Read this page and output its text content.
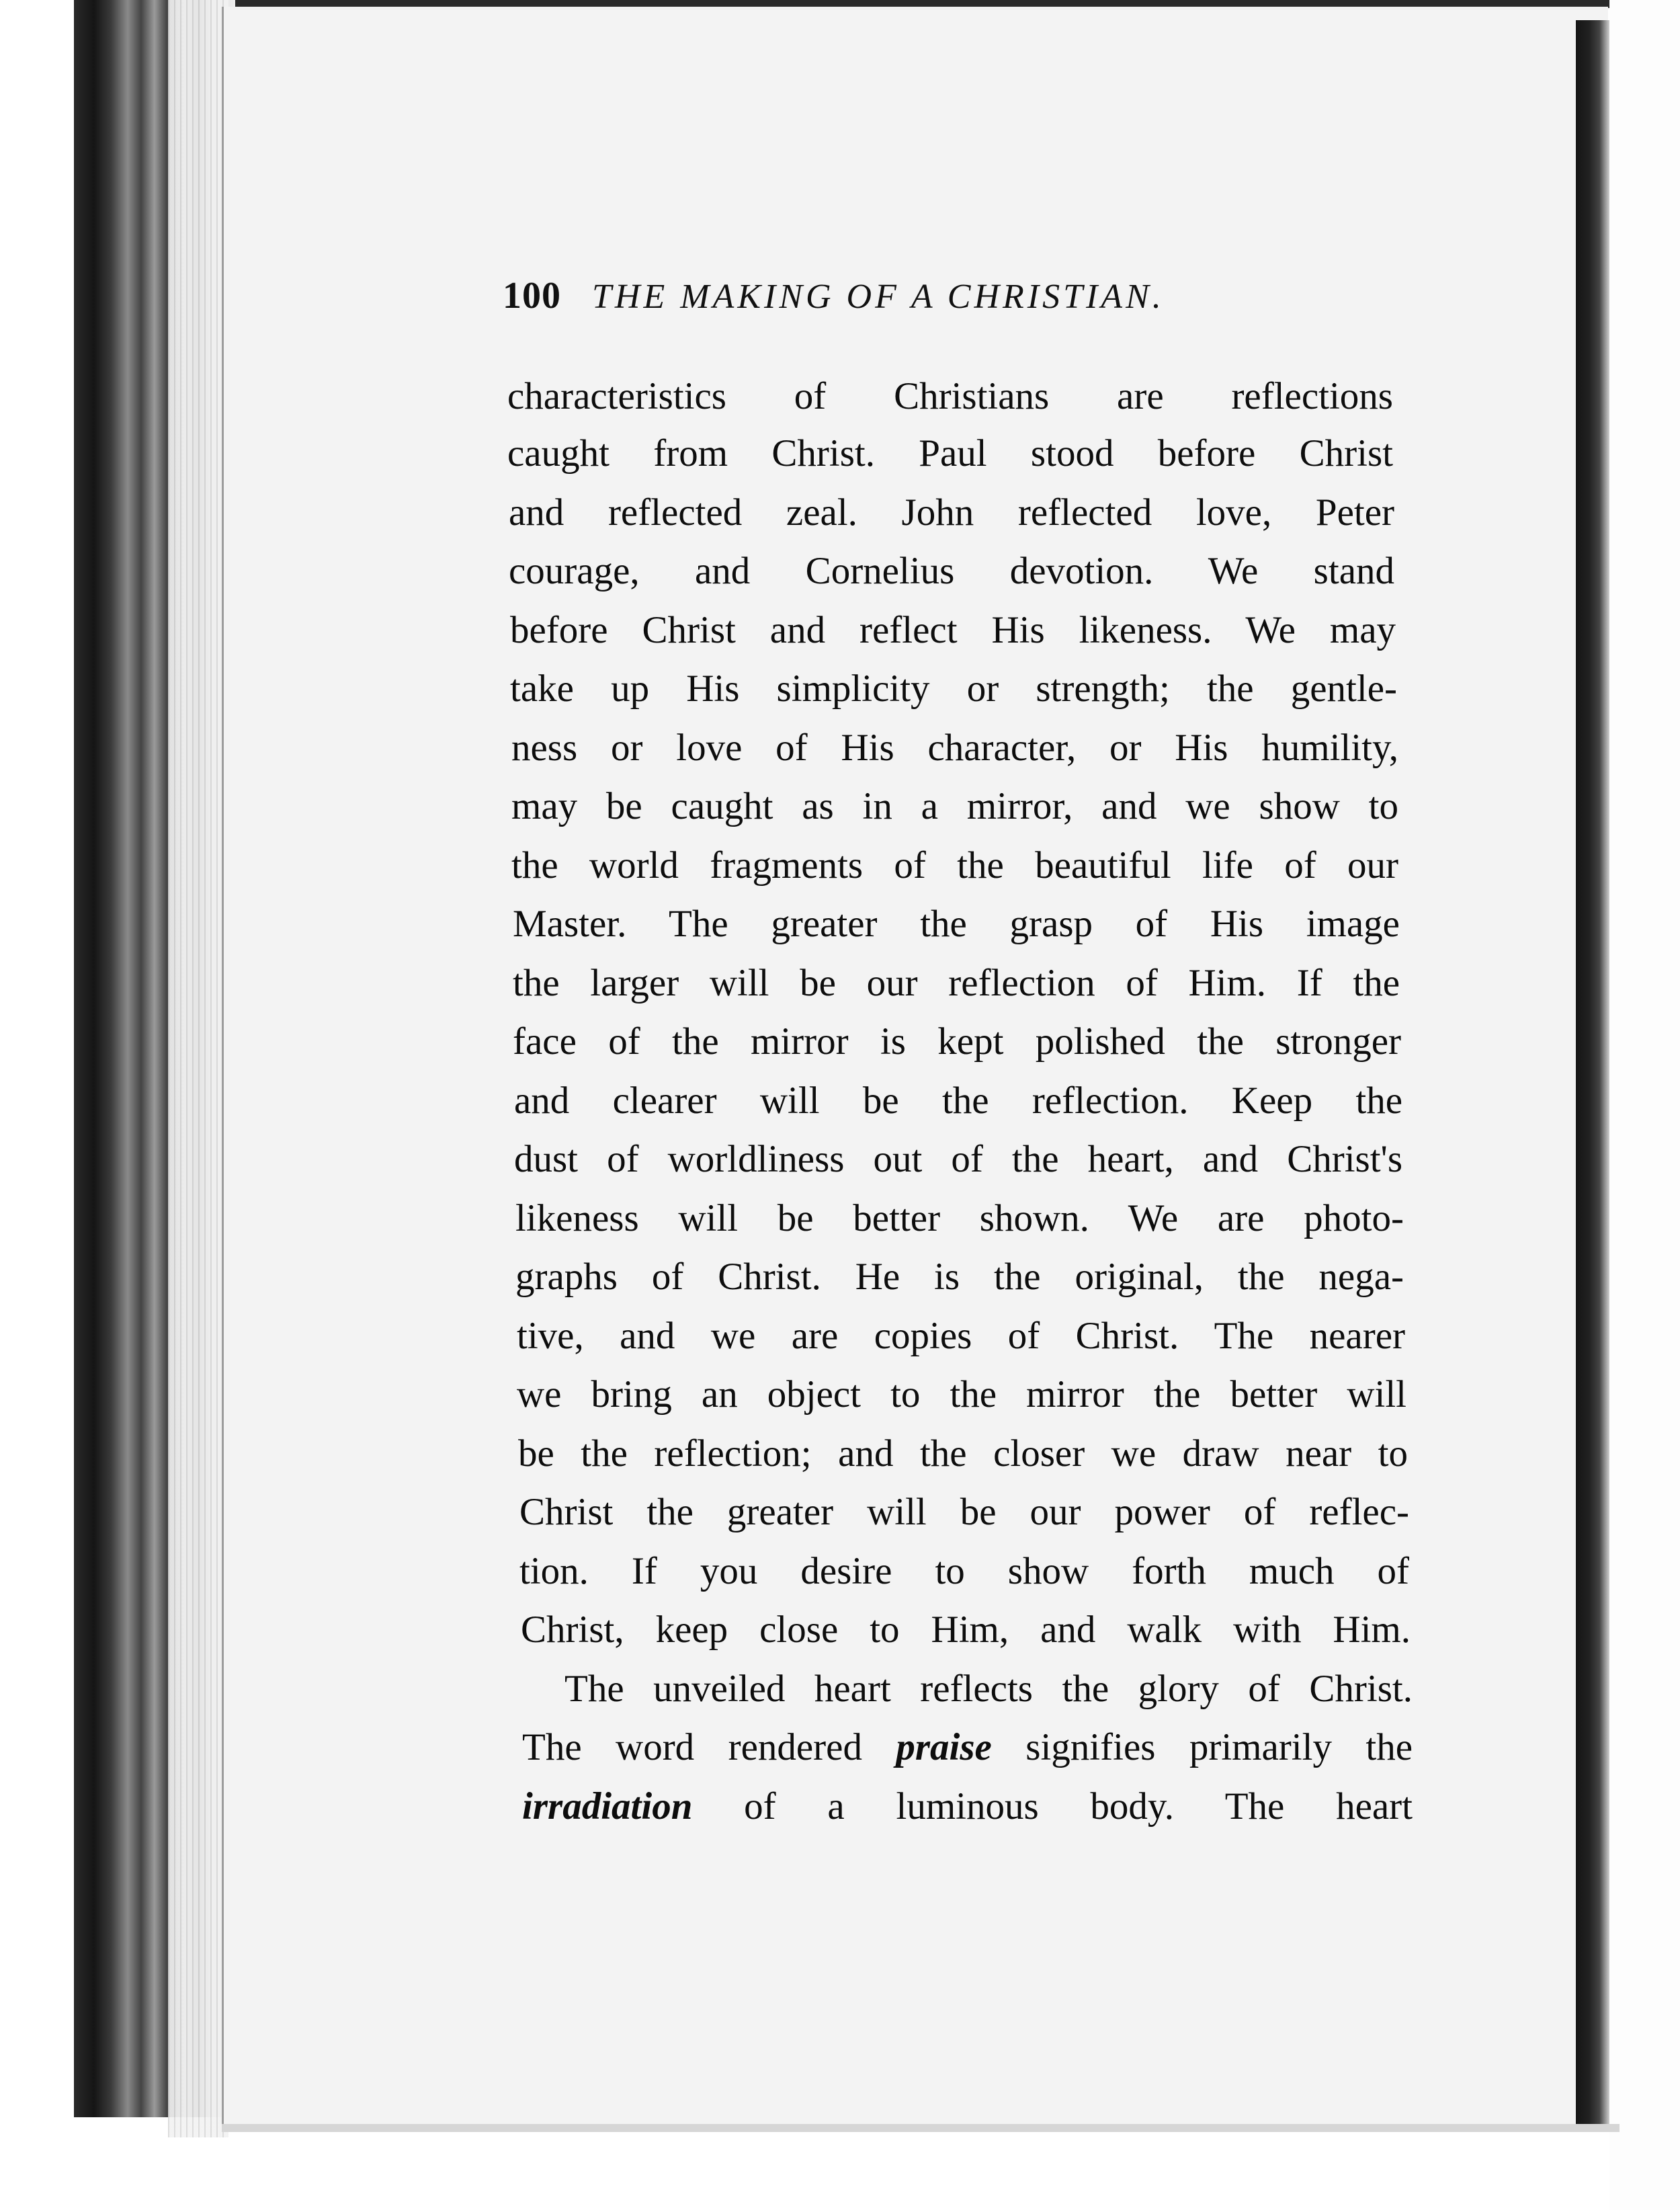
100 THE MAKING OF A CHRISTIAN.
characteristics of Christians are reflections
caught from Christ. Paul stood before Christ
and reflected zeal. John reflected love, Peter
courage, and Cornelius devotion. We stand
before Christ and reflect His likeness. We may
take up His simplicity or strength; the gentle-
ness or love of His character, or His humility,
may be caught as in a mirror, and we show to
the world fragments of the beautiful life of our
Master. The greater the grasp of His image
the larger will be our reflection of Him. If the
face of the mirror is kept polished the stronger
and clearer will be the reflection. Keep the
dust of worldliness out of the heart, and Christ's
likeness will be better shown. We are photo-
graphs of Christ. He is the original, the nega-
tive, and we are copies of Christ. The nearer
we bring an object to the mirror the better will
be the reflection; and the closer we draw near to
Christ the greater will be our power of reflec-
tion. If you desire to show forth much of
Christ, keep close to Him, and walk with Him.
The unveiled heart reflects the glory of Christ.
The word rendered praise signifies primarily the
irradiation of a luminous body. The heart
